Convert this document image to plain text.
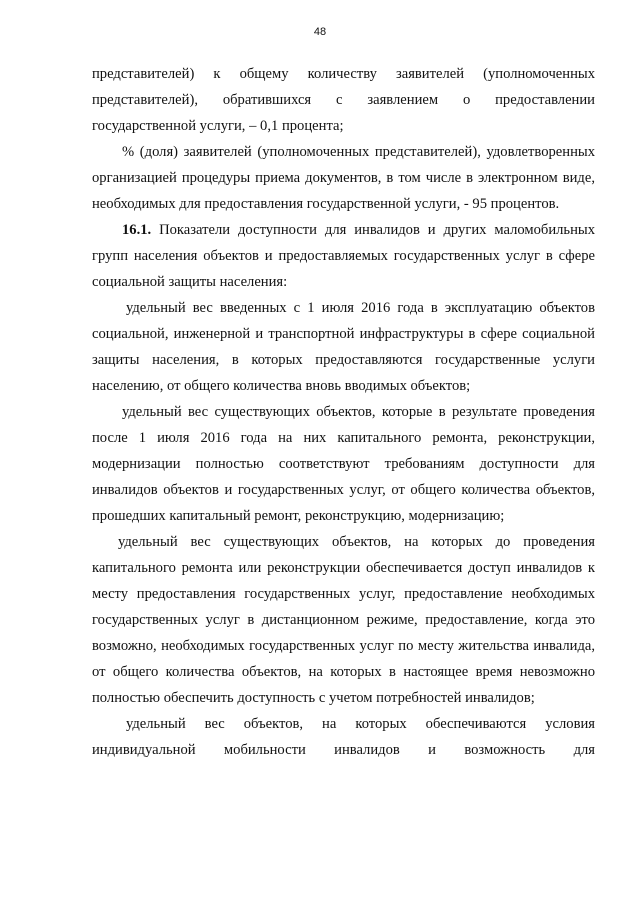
48

представителей) к общему количеству заявителей (уполномоченных представителей), обратившихся с заявлением о предоставлении государственной услуги, – 0,1 процента;

% (доля) заявителей (уполномоченных представителей), удовлетворенных организацией процедуры приема документов, в том числе в электронном виде, необходимых для предоставления государственной услуги, - 95 процентов.

16.1. Показатели доступности для инвалидов и других маломобильных групп населения объектов и предоставляемых государственных услуг в сфере социальной защиты населения:

удельный вес введенных с 1 июля 2016 года в эксплуатацию объектов социальной, инженерной и транспортной инфраструктуры в сфере социальной защиты населения, в которых предоставляются государственные услуги населению, от общего количества вновь вводимых объектов;

удельный вес существующих объектов, которые в результате проведения после 1 июля 2016 года на них капитального ремонта, реконструкции, модернизации полностью соответствуют требованиям доступности для инвалидов объектов и государственных услуг, от общего количества объектов, прошедших капитальный ремонт, реконструкцию, модернизацию;

удельный вес существующих объектов, на которых до проведения капитального ремонта или реконструкции обеспечивается доступ инвалидов к месту предоставления государственных услуг, предоставление необходимых государственных услуг в дистанционном режиме, предоставление, когда это возможно, необходимых государственных услуг по месту жительства инвалида, от общего количества объектов, на которых в настоящее время невозможно полностью обеспечить доступность с учетом потребностей инвалидов;

удельный вес объектов, на которых обеспечиваются условия индивидуальной мобильности инвалидов и возможность для
